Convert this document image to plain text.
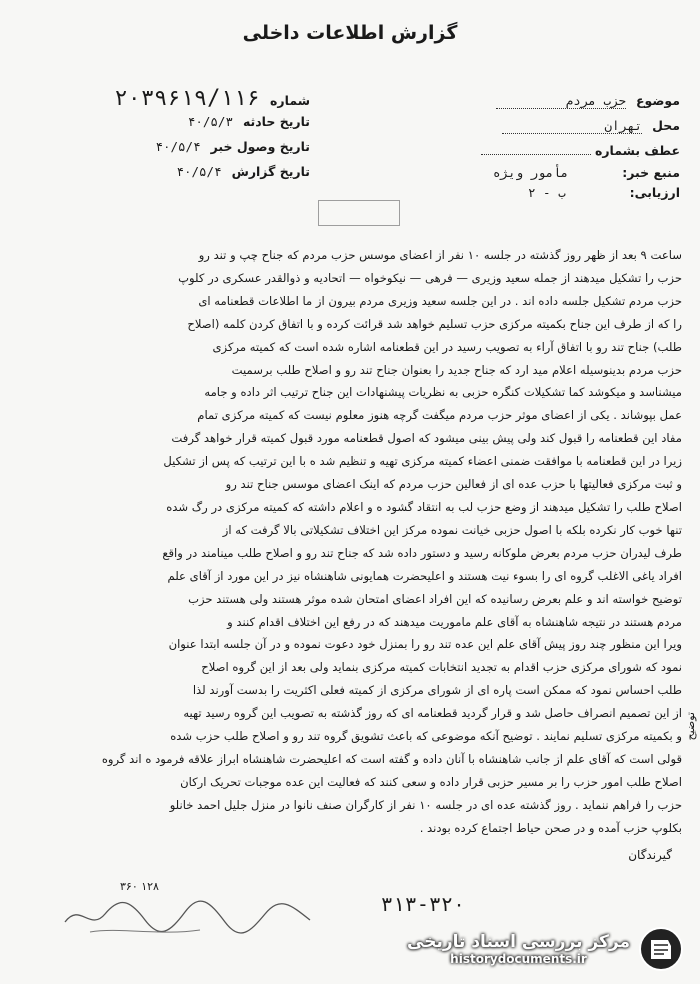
گزارش اطلاعات داخلی
موضوع حزب مردم
محل تهران
عطف بشماره
منبع خبر: مأمور ویژه
ارزیابی: ب - ۲
شماره ۲۰۳۹۶۱۹/۱۱۶
تاریخ حادثه ۴۰/۵/۳
تاریخ وصول خبر ۴۰/۵/۴
تاریخ گزارش ۴۰/۵/۴

ساعت ۹ بعد از ظهر روز گذشته در جلسه ۱۰ نفر از اعضای موسس حزب مردم که جناح چپ و تند رو

حزب را تشکیل میدهند از جمله سعید وزیری — فرهی — نیکوخواه — اتحادیه و ذوالقدر عسکری در کلوپ

حزب مردم تشکیل جلسه داده اند . در این جلسه سعید وزیری مردم بیرون از ما اطلاعات قطعنامه ای

را که از طرف این جناح بکمیته مرکزی حزب تسلیم خواهد شد قرائت کرده و با اتفاق کردن کلمه (اصلاح

طلب) جناح تند رو با اتفاق آراء به تصویب رسید در این قطعنامه اشاره شده است که کمیته مرکزی

حزب مردم بدینوسیله اعلام مید ارد که جناح جدید را بعنوان جناح تند رو و اصلاح طلب برسمیت

میشناسد و میکوشد کما تشکیلات کنگره حزبی به نظریات پیشنهادات این جناح ترتیب اثر داده و جامه

عمل بپوشاند . یکی از اعضای موثر حزب مردم میگفت گرچه هنوز معلوم نیست که کمیته مرکزی تمام

مفاد این قطعنامه را قبول کند ولی پیش بینی میشود که اصول قطعنامه مورد قبول کمیته قرار خواهد گرفت

زیرا در این قطعنامه با موافقت ضمنی اعضاء کمیته مرکزی تهیه و تنظیم شد ه با این ترتیب که پس از تشکیل

و ثبت مرکزی فعالیتها با حزب عده ای از فعالین حزب مردم که اینک اعضای موسس جناح تند رو

اصلاح طلب را تشکیل میدهند از وضع حزب لب به انتقاد گشود ه و اعلام داشته که کمیته مرکزی در رگ شده

تنها خوب کار نکرده بلکه با اصول حزبی خیانت نموده مرکز این اختلاف تشکیلاتی بالا گرفت که از

طرف لیدران حزب مردم بعرض ملوکانه رسید و دستور داده شد که جناح تند رو و اصلاح طلب مینامند در واقع

افراد یاغی الاغلب گروه ای را بسوء نیت هستند و اعلیحضرت همایونی شاهنشاه نیز در این مورد از آقای علم

توضیح خواسته اند و علم بعرض رسانیده که این افراد اعضای امتحان شده موثر هستند ولی هستند حزب

مردم هستند در نتیجه شاهنشاه به آقای علم ماموریت میدهند که در رفع این اختلاف اقدام کنند و

ویرا این منظور چند روز پیش آقای علم این عده تند رو را بمنزل خود دعوت نموده و در آن جلسه ابتدا عنوان

نمود که شورای مرکزی حزب اقدام به تجدید انتخابات کمیته مرکزی بنماید ولی بعد از این گروه اصلاح

طلب احساس نمود که ممکن است پاره ای از شورای مرکزی از کمیته فعلی اکثریت را بدست آورند لذا

از این تصمیم انصراف حاصل شد و قرار گردید قطعنامه ای که روز گذشته به تصویب این گروه رسید تهیه

و بکمیته مرکزی تسلیم نمایند . توضیح آنکه موضوعی که باعث تشویق گروه تند رو و اصلاح طلب حزب شده

قولی است که آقای علم از جانب شاهنشاه با آنان داده و گفته است که اعلیحضرت شاهنشاه ابراز علاقه فرمود ه اند گروه

اصلاح طلب امور حزب را بر مسیر حزبی قرار داده و سعی کنند که فعالیت این عده موجبات تحریک ارکان

حزب را فراهم ننماید . روز گذشته عده ای در جلسه ۱۰ نفر از کارگران صنف نانوا در منزل جلیل احمد خانلو

بکلوپ حزب آمده و در صحن حیاط اجتماع کرده بودند .

توضیح
گیرندگان
۳۶۰ ۱۲۸
۳۱۳-۳۲۰
مرکز بررسی اسناد تاریخی
historydocuments.ir
